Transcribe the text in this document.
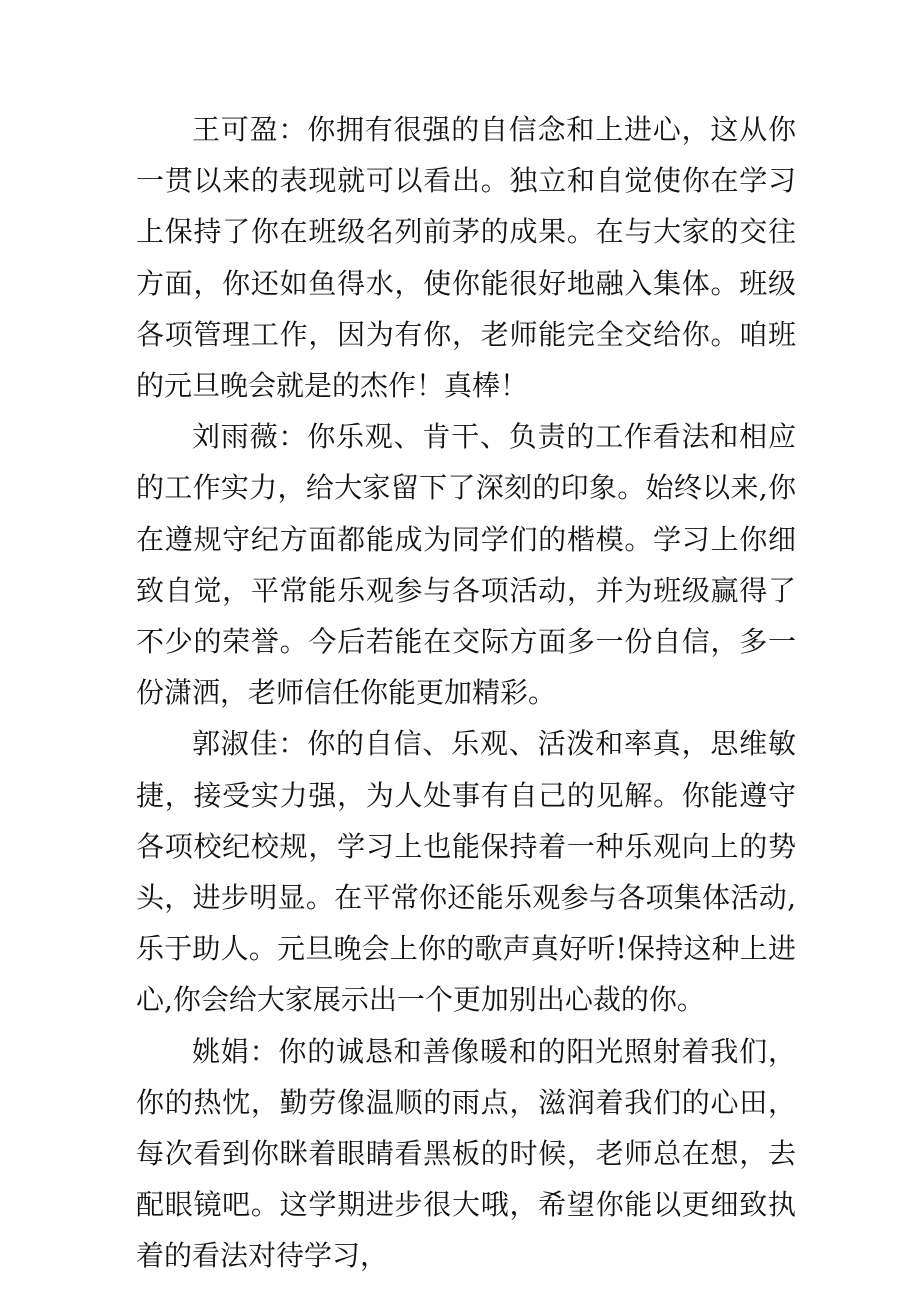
王可盈：你拥有很强的自信念和上进心，这从你一贯以来的表现就可以看出。独立和自觉使你在学习上保持了你在班级名列前茅的成果。在与大家的交往方面，你还如鱼得水，使你能很好地融入集体。班级各项管理工作，因为有你，老师能完全交给你。咱班的元旦晚会就是的杰作！真棒！

刘雨薇：你乐观、肯干、负责的工作看法和相应的工作实力，给大家留下了深刻的印象。始终以来,你在遵规守纪方面都能成为同学们的楷模。学习上你细致自觉，平常能乐观参与各项活动，并为班级赢得了不少的荣誉。今后若能在交际方面多一份自信，多一份潇洒，老师信任你能更加精彩。

郭淑佳：你的自信、乐观、活泼和率真，思维敏捷，接受实力强，为人处事有自己的见解。你能遵守各项校纪校规，学习上也能保持着一种乐观向上的势头，进步明显。在平常你还能乐观参与各项集体活动,乐于助人。元旦晚会上你的歌声真好听!保持这种上进心,你会给大家展示出一个更加别出心裁的你。

姚娟：你的诚恳和善像暖和的阳光照射着我们，你的热忱，勤劳像温顺的雨点，滋润着我们的心田，每次看到你眯着眼睛看黑板的时候，老师总在想，去配眼镜吧。这学期进步很大哦，希望你能以更细致执着的看法对待学习，
